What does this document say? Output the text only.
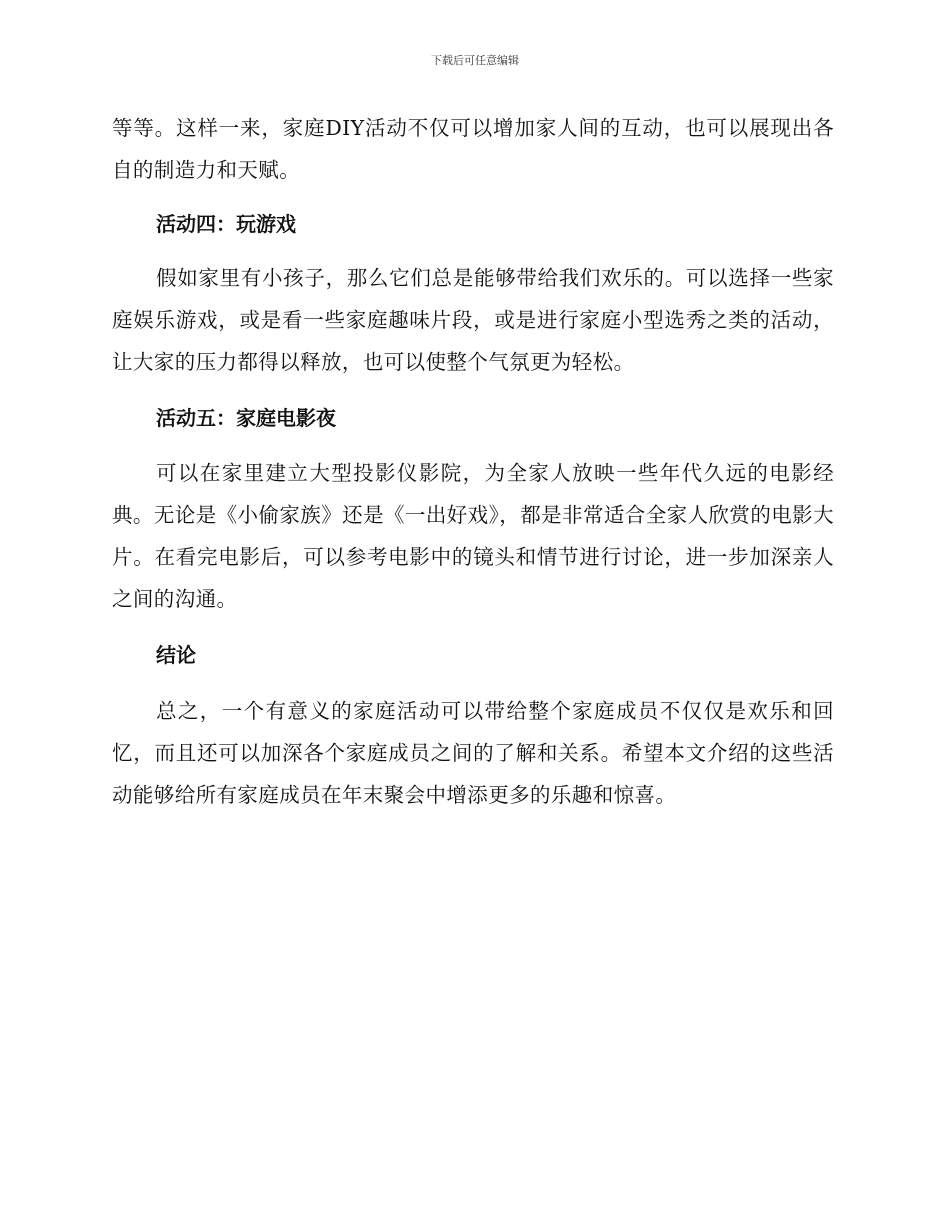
下载后可任意编辑

等等。这样一来，家庭DIY活动不仅可以增加家人间的互动，也可以展现出各自的制造力和天赋。

活动四：玩游戏

假如家里有小孩子，那么它们总是能够带给我们欢乐的。可以选择一些家庭娱乐游戏，或是看一些家庭趣味片段，或是进行家庭小型选秀之类的活动，让大家的压力都得以释放，也可以使整个气氛更为轻松。

活动五：家庭电影夜

可以在家里建立大型投影仪影院，为全家人放映一些年代久远的电影经典。无论是《小偷家族》还是《一出好戏》，都是非常适合全家人欣赏的电影大片。在看完电影后，可以参考电影中的镜头和情节进行讨论，进一步加深亲人之间的沟通。

结论

总之，一个有意义的家庭活动可以带给整个家庭成员不仅仅是欢乐和回忆，而且还可以加深各个家庭成员之间的了解和关系。希望本文介绍的这些活动能够给所有家庭成员在年末聚会中增添更多的乐趣和惊喜。
